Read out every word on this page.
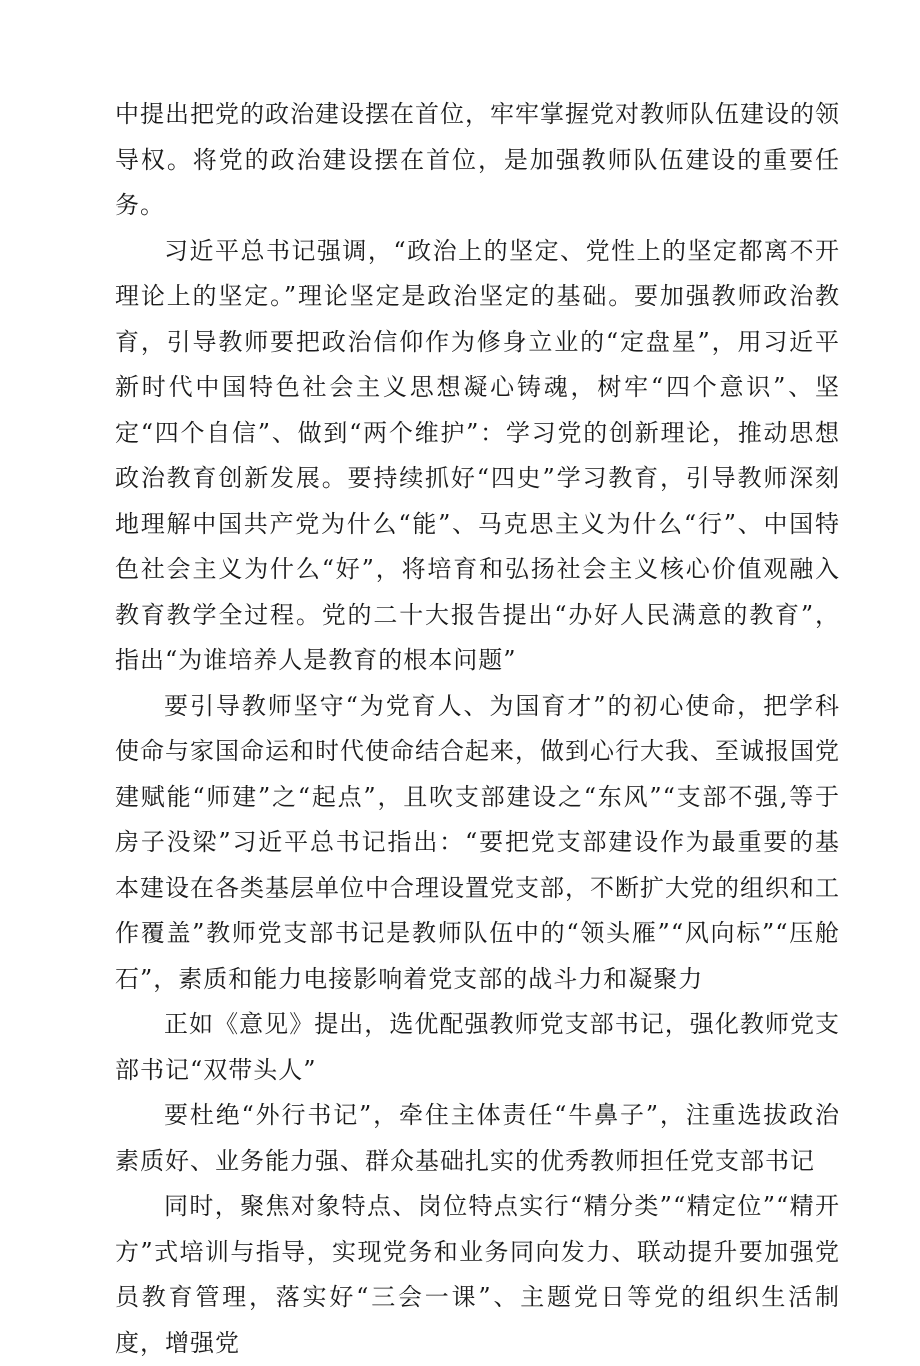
中提出把党的政治建设摆在首位，牢牢掌握党对教师队伍建设的领导权。将党的政治建设摆在首位，是加强教师队伍建设的重要任务。

习近平总书记强调，“政治上的坚定、党性上的坚定都离不开理论上的坚定。”理论坚定是政治坚定的基础。要加强教师政治教育，引导教师要把政治信仰作为修身立业的“定盘星”，用习近平新时代中国特色社会主义思想凝心铸魂，树牢“四个意识”、坚定“四个自信”、做到“两个维护”：学习党的创新理论，推动思想政治教育创新发展。要持续抓好“四史”学习教育，引导教师深刻地理解中国共产党为什么“能”、马克思主义为什么“行”、中国特色社会主义为什么“好”，将培育和弘扬社会主义核心价值观融入教育教学全过程。党的二十大报告提出“办好人民满意的教育”，指出“为谁培养人是教育的根本问题”

要引导教师坚守“为党育人、为国育才”的初心使命，把学科使命与家国命运和时代使命结合起来，做到心行大我、至诚报国党建赋能“师建”之“起点”，且吹支部建设之“东风”“支部不强,等于房子没梁”习近平总书记指出：“要把党支部建设作为最重要的基本建设在各类基层单位中合理设置党支部，不断扩大党的组织和工作覆盖”教师党支部书记是教师队伍中的“领头雁”“风向标”“压舱石”，素质和能力电接影响着党支部的战斗力和凝聚力

正如《意见》提出，选优配强教师党支部书记，强化教师党支部书记“双带头人”

要杜绝“外行书记”，牵住主体责任“牛鼻子”，注重选拔政治素质好、业务能力强、群众基础扎实的优秀教师担任党支部书记

同时，聚焦对象特点、岗位特点实行“精分类”“精定位”“精开方”式培训与指导，实现党务和业务同向发力、联动提升要加强党员教育管理，落实好“三会一课”、主题党日等党的组织生活制度，增强党
